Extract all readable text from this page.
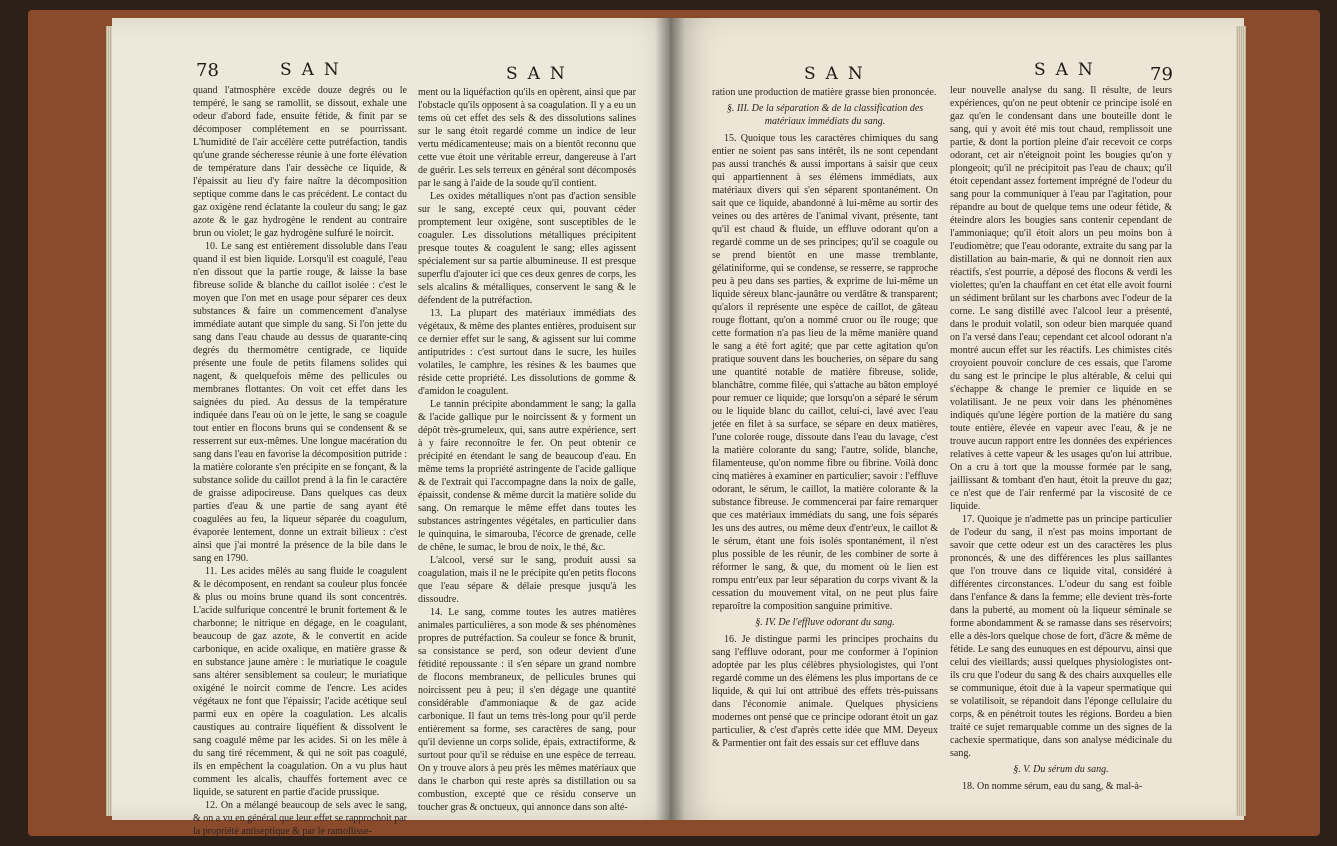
78	SAN	SAN	SAN	SAN	79

quand l'atmosphère excède douze degrés ou le tempéré, le sang se ramollit, se dissout, exhale une odeur d'abord fade, ensuite fétide, & finit par se décomposer complétement en se pourrissant. L'humidité de l'air accélère cette putréfaction, tandis qu'une grande sécheresse réunie à une forte élévation de température dans l'air dessèche ce liquide, & l'épaissit au lieu d'y faire naître la décomposition septique comme dans le cas précédent. Le contact du gaz oxigène rend éclatante la couleur du sang; le gaz azote & le gaz hydrogène le rendent au contraire brun ou violet; le gaz hydrogène sulfuré le noircit.

10. Le sang est entièrement dissoluble dans l'eau quand il est bien liquide. Lorsqu'il est coagulé, l'eau n'en dissout que la partie rouge, & laisse la base fibreuse solide & blanche du caillot isolée : c'est le moyen que l'on met en usage pour séparer ces deux substances & faire un commencement d'analyse immédiate autant que simple du sang. Si l'on jette du sang dans l'eau chaude au dessus de quarante-cinq degrés du thermomètre centigrade, ce liquide présente une foule de petits filamens solides qui nagent, & quelquefois même des pellicules ou membranes flottantes. On voit cet effet dans les saignées du pied. Au dessus de la température indiquée dans l'eau où on le jette, le sang se coagule tout entier en flocons bruns qui se condensent & se resserrent sur eux-mêmes. Une longue macération du sang dans l'eau en favorise la décomposition putride : la matière colorante s'en précipite en se fonçant, & la substance solide du caillot prend à la fin le caractère de graisse adipocireuse. Dans quelques cas deux parties d'eau & une partie de sang ayant été coagulées au feu, la liqueur séparée du coagulum, évaporée lentement, donne un extrait bilieux : c'est ainsi que j'ai montré la présence de la bile dans le sang en 1790.

11. Les acides mêlés au sang fluide le coagulent & le décomposent, en rendant sa couleur plus foncée & plus ou moins brune quand ils sont concentrés. L'acide sulfurique concentré le brunit fortement & le charbonne; le nitrique en dégage, en le coagulant, beaucoup de gaz azote, & le convertit en acide carbonique, en acide oxalique, en matière grasse & en substance jaune amère : le muriatique le coagule sans altérer sensiblement sa couleur; le muriatique oxigéné le noircit comme de l'encre. Les acides végétaux ne font que l'épaissir; l'acide acétique seul parmi eux en opère la coagulation. Les alcalis caustiques au contraire liquéfient & dissolvent le sang coagulé même par les acides. Si on les mêle à du sang tiré récemment, & qui ne soit pas coagulé, ils en empêchent la coagulation. On a vu plus haut comment les alcalis, chauffés fortement avec ce liquide, se saturent en partie d'acide prussique.

12. On a mélangé beaucoup de sels avec le sang, & on a vu en général que leur effet se rapprochoit par la propriété antiseptique & par le ramollisse-

ment ou la liquéfaction qu'ils en opèrent, ainsi que par l'obstacle qu'ils opposent à sa coagulation. Il y a eu un tems où cet effet des sels & des dissolutions salines sur le sang étoit regardé comme un indice de leur vertu médicamenteuse; mais on a bientôt reconnu que cette vue étoit une véritable erreur, dangereuse à l'art de guérir. Les sels terreux en général sont décomposés par le sang à l'aide de la soude qu'il contient.

Les oxides métalliques n'ont pas d'action sensible sur le sang, excepté ceux qui, pouvant céder promptement leur oxigène, sont susceptibles de le coaguler. Les dissolutions métalliques précipitent presque toutes & coagulent le sang; elles agissent spécialement sur sa partie albumineuse. Il est presque superflu d'ajouter ici que ces deux genres de corps, les sels alcalins & métalliques, conservent le sang & le défendent de la putréfaction.

13. La plupart des matériaux immédiats des végétaux, & même des plantes entières, produisent sur ce dernier effet sur le sang, & agissent sur lui comme antiputrides : c'est surtout dans le sucre, les huiles volatiles, le camphre, les résines & les baumes que réside cette propriété. Les dissolutions de gomme & d'amidon le coagulent.

Le tannin précipite abondamment le sang; la galla & l'acide gallique pur le noircissent & y forment un dépôt très-grumeleux, qui, sans autre expérience, sert à y faire reconnoître le fer. On peut obtenir ce précipité en étendant le sang de beaucoup d'eau. En même tems la propriété astringente de l'acide gallique & de l'extrait qui l'accompagne dans la noix de galle, épaissit, condense & même durcit la matière solide du sang. On remarque le même effet dans toutes les substances astringentes végétales, en particulier dans le quinquina, le simarouba, l'écorce de grenade, celle de chêne, le sumac, le brou de noix, le thé, &c.

L'alcool, versé sur le sang, produit aussi sa coagulation, mais il ne le précipite qu'en petits flocons que l'eau sépare & délaie presque jusqu'à les dissoudre.

14. Le sang, comme toutes les autres matières animales particulières, a son mode & ses phénomènes propres de putréfaction. Sa couleur se fonce & brunit, sa consistance se perd, son odeur devient d'une fétidité repoussante : il s'en sépare un grand nombre de flocons membraneux, de pellicules brunes qui noircissent peu à peu; il s'en dégage une quantité considérable d'ammoniaque & de gaz acide carbonique. Il faut un tems très-long pour qu'il perde entièrement sa forme, ses caractères de sang, pour qu'il devienne un corps solide, épais, extractiforme, & surtout pour qu'il se réduise en une espèce de terreau. On y trouve alors à peu près les mêmes matériaux que dans le charbon qui reste après sa distillation ou sa combustion, excepté que ce résidu conserve un toucher gras & onctueux, qui annonce dans son alté-

ration une production de matière grasse bien prononcée.

§. III. De la séparation & de la classification des matériaux immédiats du sang.

15. Quoique tous les caractères chimiques du sang entier ne soient pas sans intérêt, ils ne sont cependant pas aussi tranchés & aussi importans à saisir que ceux qui appartiennent à ses élémens immédiats, aux matériaux divers qui s'en séparent spontanément. On sait que ce liquide, abandonné à lui-même au sortir des veines ou des artères de l'animal vivant, présente, tant qu'il est chaud & fluide, un effluve odorant qu'on a regardé comme un de ses principes; qu'il se coagule ou se prend bientôt en une masse tremblante, gélatiniforme, qui se condense, se resserre, se rapproche peu à peu dans ses parties, & exprime de lui-même un liquide séreux blanc-jaunâtre ou verdâtre & transparent; qu'alors il représente une espèce de caillot, de gâteau rouge flottant, qu'on a nommé cruor ou île rouge; que cette formation n'a pas lieu de la même manière quand le sang a été fort agité; que par cette agitation qu'on pratique souvent dans les boucheries, on sépare du sang une quantité notable de matière fibreuse, solide, blanchâtre, comme filée, qui s'attache au bâton employé pour remuer ce liquide; que lorsqu'on a séparé le sérum ou le liquide blanc du caillot, celui-ci, lavé avec l'eau jetée en filet à sa surface, se sépare en deux matières, l'une colorée rouge, dissoute dans l'eau du lavage, c'est la matière colorante du sang; l'autre, solide, blanche, filamenteuse, qu'on nomme fibre ou fibrine. Voilà donc cinq matières à examiner en particulier; savoir : l'effluve odorant, le sérum, le caillot, la matière colorante & la substance fibreuse. Je commencerai par faire remarquer que ces matériaux immédiats du sang, une fois séparés les uns des autres, ou même deux d'entr'eux, le caillot & le sérum, étant une fois isolés spontanément, il n'est plus possible de les réunir, de les combiner de sorte à réformer le sang, & que, du moment où le lien est rompu entr'eux par leur séparation du corps vivant & la cessation du mouvement vital, on ne peut plus faire reparoître la composition sanguine primitive.

§. IV. De l'effluve odorant du sang.

16. Je distingue parmi les principes prochains du sang l'effluve odorant, pour me conformer à l'opinion adoptée par les plus célèbres physiologistes, qui l'ont regardé comme un des élémens les plus importans de ce liquide, & qui lui ont attribué des effets très-puissans dans l'économie animale. Quelques physiciens modernes ont pensé que ce principe odorant étoit un gaz particulier, & c'est d'après cette idée que MM. Deyeux & Parmentier ont fait des essais sur cet effluve dans

leur nouvelle analyse du sang. Il résulte, de leurs expériences, qu'on ne peut obtenir ce principe isolé en gaz qu'en le condensant dans une bouteille dont le sang, qui y avoit été mis tout chaud, remplissoit une partie, & dont la portion pleine d'air recevoit ce corps odorant, cet air n'éteignoit point les bougies qu'on y plongeoit; qu'il ne précipitoit pas l'eau de chaux; qu'il étoit cependant assez fortement imprégné de l'odeur du sang pour la communiquer à l'eau par l'agitation, pour répandre au bout de quelque tems une odeur fétide, & éteindre alors les bougies sans contenir cependant de l'ammoniaque; qu'il étoit alors un peu moins bon à l'eudiomètre; que l'eau odorante, extraite du sang par la distillation au bain-marie, & qui ne donnoit rien aux réactifs, s'est pourrie, a déposé des flocons & verdi les violettes; qu'en la chauffant en cet état elle avoit fourni un sédiment brûlant sur les charbons avec l'odeur de la corne. Le sang distillé avec l'alcool leur a présenté, dans le produit volatil, son odeur bien marquée quand on l'a versé dans l'eau; cependant cet alcool odorant n'a montré aucun effet sur les réactifs. Les chimistes cités croyoient pouvoir conclure de ces essais, que l'arome du sang est le principe le plus altérable, & celui qui s'échappe & change le premier ce liquide en se volatilisant. Je ne peux voir dans les phénomènes indiqués qu'une légère portion de la matière du sang toute entière, élevée en vapeur avec l'eau, & je ne trouve aucun rapport entre les données des expériences relatives à cette vapeur & les usages qu'on lui attribue. On a cru à tort que la mousse formée par le sang, jaillissant & tombant d'en haut, étoit la preuve du gaz; ce n'est que de l'air renfermé par la viscosité de ce liquide.

17. Quoique je n'admette pas un principe particulier de l'odeur du sang, il n'est pas moins important de savoir que cette odeur est un des caractères les plus prononcés, & une des différences les plus saillantes que l'on trouve dans ce liquide vital, considéré à différentes circonstances. L'odeur du sang est foible dans l'enfance & dans la femme; elle devient très-forte dans la puberté, au moment où la liqueur séminale se forme abondamment & se ramasse dans ses réservoirs; elle a dès-lors quelque chose de fort, d'âcre & même de fétide. Le sang des eunuques en est dépourvu, ainsi que celui des vieillards; aussi quelques physiologistes ont-ils cru que l'odeur du sang & des chairs auxquelles elle se communique, étoit due à la vapeur spermatique qui se volatilisoit, se répandoit dans l'éponge cellulaire du corps, & en pénétroit toutes les régions. Bordeu a bien traité ce sujet remarquable comme un des signes de la cachexie spermatique, dans son analyse médicinale du sang.

§. V. Du sérum du sang.

18. On nomme sérum, eau du sang, & mal-à-
